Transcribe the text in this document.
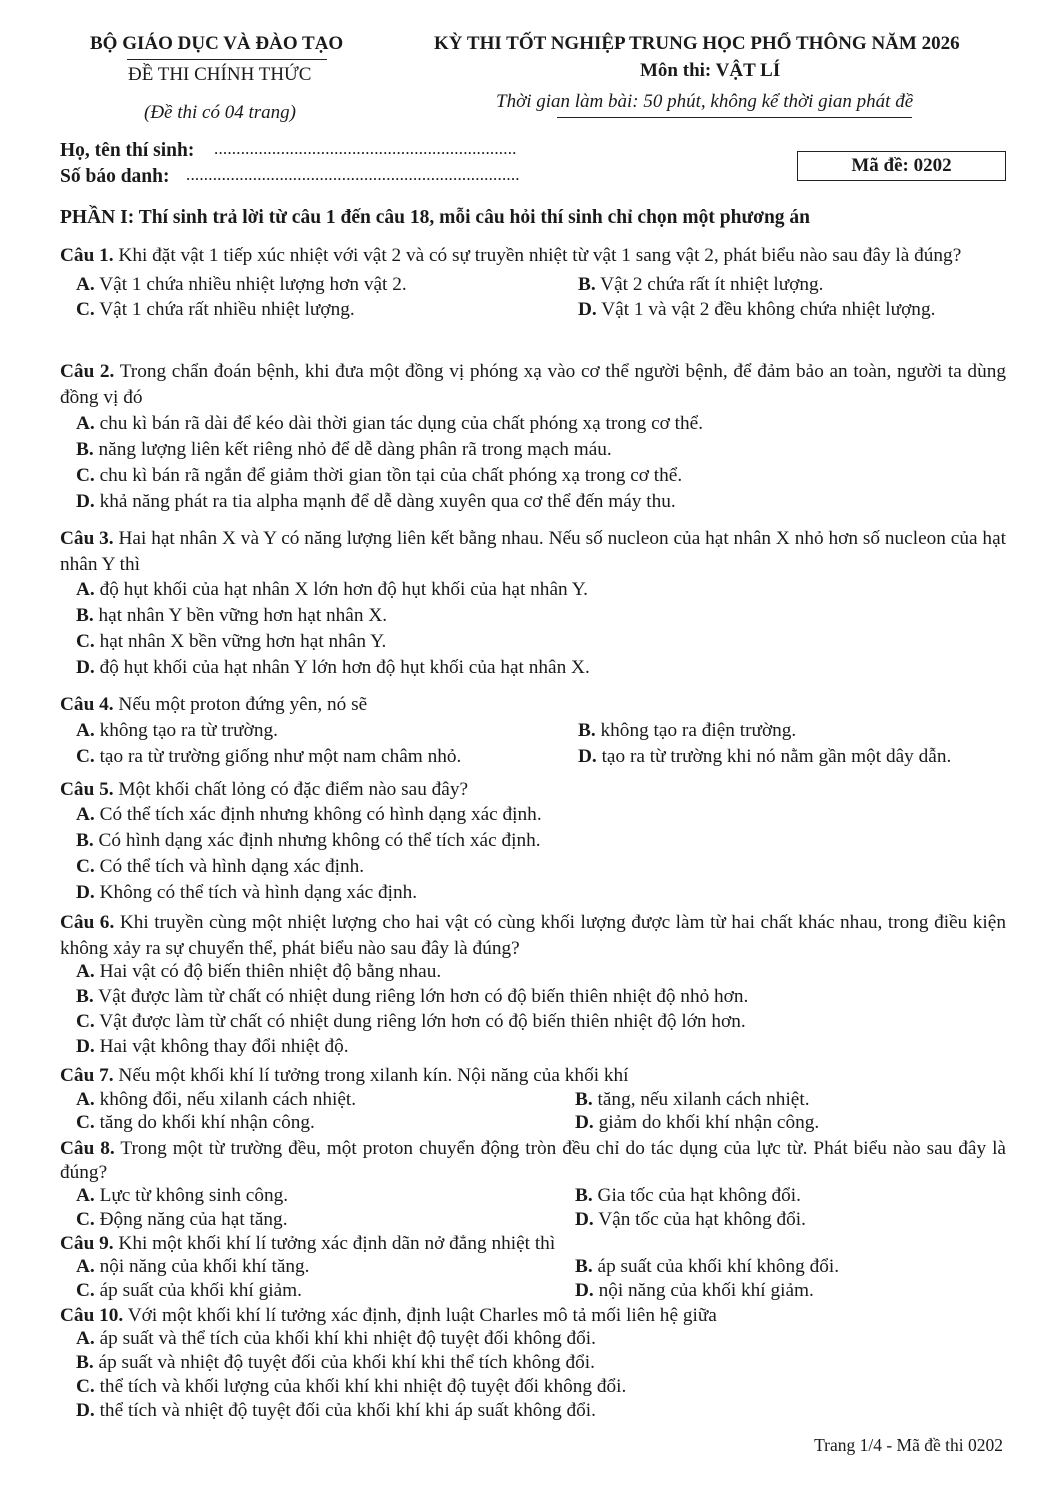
BỘ GIÁO DỤC VÀ ĐÀO TẠO
ĐỀ THI CHÍNH THỨC
(Đề thi có 04 trang)
KỲ THI TỐT NGHIỆP TRUNG HỌC PHỔ THÔNG NĂM 2026
Môn thi: VẬT LÍ
Thời gian làm bài: 50 phút, không kể thời gian phát đề
Họ, tên thí sinh: ....................................................................
Số báo danh: ...........................................................................	Mã đề: 0202
PHẦN I: Thí sinh trả lời từ câu 1 đến câu 18, mỗi câu hỏi thí sinh chỉ chọn một phương án
Câu 1. Khi đặt vật 1 tiếp xúc nhiệt với vật 2 và có sự truyền nhiệt từ vật 1 sang vật 2, phát biểu nào sau đây là đúng?
A. Vật 1 chứa nhiều nhiệt lượng hơn vật 2.	B. Vật 2 chứa rất ít nhiệt lượng.
C. Vật 1 chứa rất nhiều nhiệt lượng.	D. Vật 1 và vật 2 đều không chứa nhiệt lượng.
Câu 2. Trong chẩn đoán bệnh, khi đưa một đồng vị phóng xạ vào cơ thể người bệnh, để đảm bảo an toàn, người ta dùng đồng vị đó
A. chu kì bán rã dài để kéo dài thời gian tác dụng của chất phóng xạ trong cơ thể.
B. năng lượng liên kết riêng nhỏ để dễ dàng phân rã trong mạch máu.
C. chu kì bán rã ngắn để giảm thời gian tồn tại của chất phóng xạ trong cơ thể.
D. khả năng phát ra tia alpha mạnh để dễ dàng xuyên qua cơ thể đến máy thu.
Câu 3. Hai hạt nhân X và Y có năng lượng liên kết bằng nhau. Nếu số nucleon của hạt nhân X nhỏ hơn số nucleon của hạt nhân Y thì
A. độ hụt khối của hạt nhân X lớn hơn độ hụt khối của hạt nhân Y.
B. hạt nhân Y bền vững hơn hạt nhân X.
C. hạt nhân X bền vững hơn hạt nhân Y.
D. độ hụt khối của hạt nhân Y lớn hơn độ hụt khối của hạt nhân X.
Câu 4. Nếu một proton đứng yên, nó sẽ
A. không tạo ra từ trường.	B. không tạo ra điện trường.
C. tạo ra từ trường giống như một nam châm nhỏ.	D. tạo ra từ trường khi nó nằm gần một dây dẫn.
Câu 5. Một khối chất lỏng có đặc điểm nào sau đây?
A. Có thể tích xác định nhưng không có hình dạng xác định.
B. Có hình dạng xác định nhưng không có thể tích xác định.
C. Có thể tích và hình dạng xác định.
D. Không có thể tích và hình dạng xác định.
Câu 6. Khi truyền cùng một nhiệt lượng cho hai vật có cùng khối lượng được làm từ hai chất khác nhau, trong điều kiện không xảy ra sự chuyển thể, phát biểu nào sau đây là đúng?
A. Hai vật có độ biến thiên nhiệt độ bằng nhau.
B. Vật được làm từ chất có nhiệt dung riêng lớn hơn có độ biến thiên nhiệt độ nhỏ hơn.
C. Vật được làm từ chất có nhiệt dung riêng lớn hơn có độ biến thiên nhiệt độ lớn hơn.
D. Hai vật không thay đổi nhiệt độ.
Câu 7. Nếu một khối khí lí tưởng trong xilanh kín. Nội năng của khối khí
A. không đổi, nếu xilanh cách nhiệt.	B. tăng, nếu xilanh cách nhiệt.
C. tăng do khối khí nhận công.	D. giảm do khối khí nhận công.
Câu 8. Trong một từ trường đều, một proton chuyển động tròn đều chỉ do tác dụng của lực từ. Phát biểu nào sau đây là đúng?
A. Lực từ không sinh công.	B. Gia tốc của hạt không đổi.
C. Động năng của hạt tăng.	D. Vận tốc của hạt không đổi.
Câu 9. Khi một khối khí lí tưởng xác định dãn nở đẳng nhiệt thì
A. nội năng của khối khí tăng.	B. áp suất của khối khí không đổi.
C. áp suất của khối khí giảm.	D. nội năng của khối khí giảm.
Câu 10. Với một khối khí lí tưởng xác định, định luật Charles mô tả mối liên hệ giữa
A. áp suất và thể tích của khối khí khi nhiệt độ tuyệt đối không đổi.
B. áp suất và nhiệt độ tuyệt đối của khối khí khi thể tích không đổi.
C. thể tích và khối lượng của khối khí khi nhiệt độ tuyệt đối không đổi.
D. thể tích và nhiệt độ tuyệt đối của khối khí khi áp suất không đổi.
Trang 1/4 - Mã đề thi 0202
